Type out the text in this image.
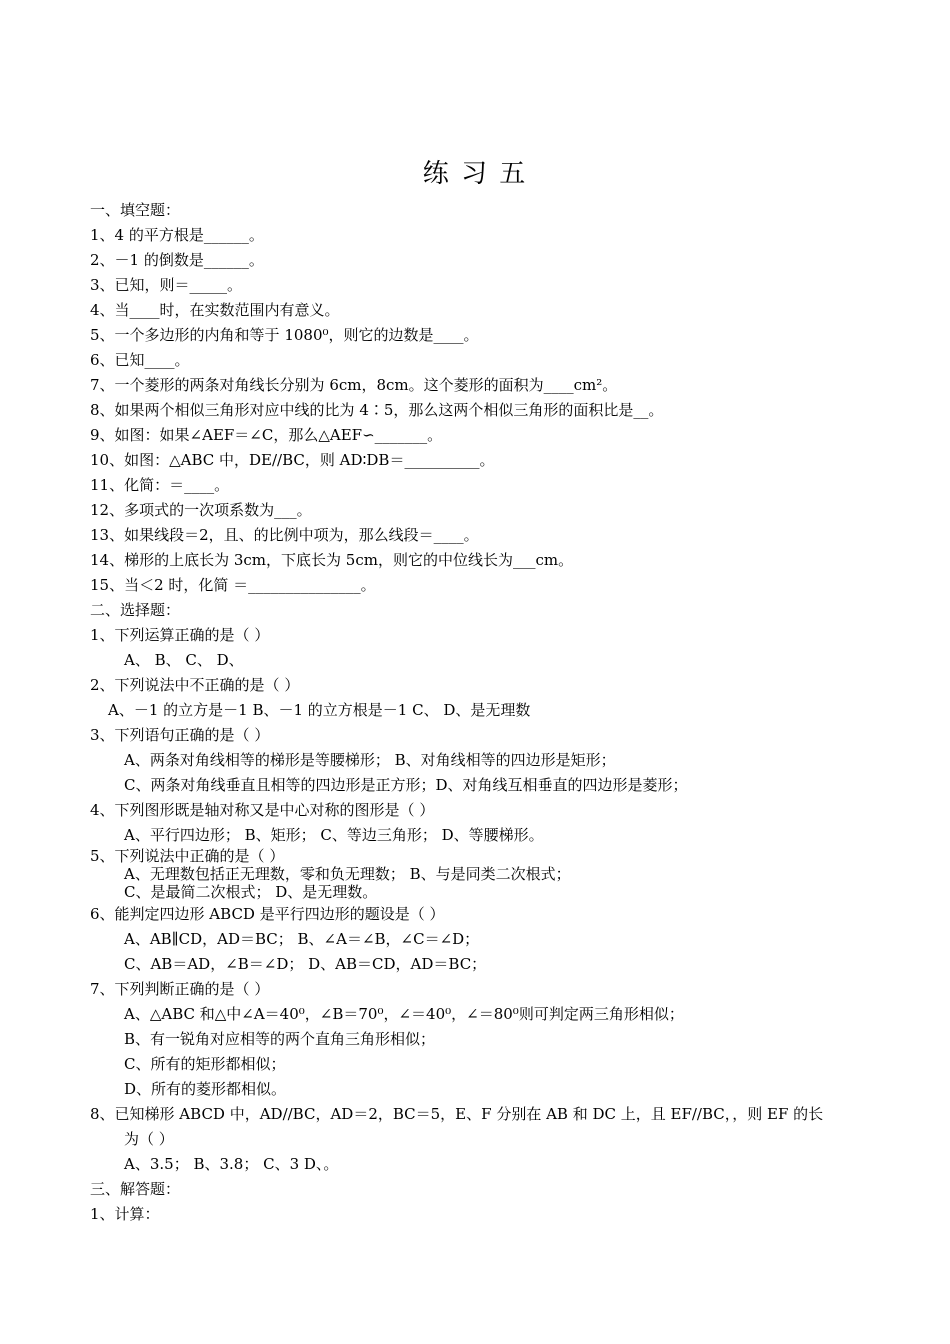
练 习 五
一、填空题：
1、4 的平方根是______。
2、－1 的倒数是______。
3、已知，则＝_____。
4、当____时，在实数范围内有意义。
5、一个多边形的内角和等于 1080⁰，则它的边数是____。
6、已知____。
7、一个菱形的两条对角线长分别为 6cm，8cm。这个菱形的面积为____cm²。
8、如果两个相似三角形对应中线的比为 4∶5，那么这两个相似三角形的面积比是__。
9、如图：如果∠AEF＝∠C，那么△AEF∽_______。
10、如图：△ABC 中，DE//BC，则 AD∶DB＝__________。
11、化简：＝____。
12、多项式的一次项系数为___。
13、如果线段＝2，且、的比例中项为，那么线段＝____。
14、梯形的上底长为 3cm，下底长为 5cm，则它的中位线长为___cm。
15、当＜2 时，化简 ＝_______________。
二、选择题：
1、下列运算正确的是（ ）
A、 B、 C、 D、
2、下列说法中不正确的是（ ）
A、－1 的立方是－1 B、－1 的立方根是－1 C、 D、是无理数
3、下列语句正确的是（ ）
A、两条对角线相等的梯形是等腰梯形； B、对角线相等的四边形是矩形；
C、两条对角线垂直且相等的四边形是正方形；D、对角线互相垂直的四边形是菱形；
4、下列图形既是轴对称又是中心对称的图形是（ ）
A、平行四边形； B、矩形； C、等边三角形； D、等腰梯形。
5、下列说法中正确的是（ ）
A、无理数包括正无理数，零和负无理数； B、与是同类二次根式；
C、是最简二次根式； D、是无理数。
6、能判定四边形 ABCD 是平行四边形的题设是（ ）
A、AB∥CD，AD＝BC； B、∠A＝∠B，∠C＝∠D；
C、AB＝AD，∠B＝∠D； D、AB＝CD，AD＝BC；
7、下列判断正确的是（ ）
A、△ABC 和△中∠A＝40⁰，∠B＝70⁰，∠＝40⁰，∠＝80⁰则可判定两三角形相似；
B、有一锐角对应相等的两个直角三角形相似；
C、所有的矩形都相似；
D、所有的菱形都相似。
8、已知梯形 ABCD 中，AD//BC，AD＝2，BC＝5，E、F 分别在 AB 和 DC 上，且 EF//BC，，则 EF 的长
为（ ）
A、3.5； B、3.8； C、3 D、。
三、解答题：
1、计算：
